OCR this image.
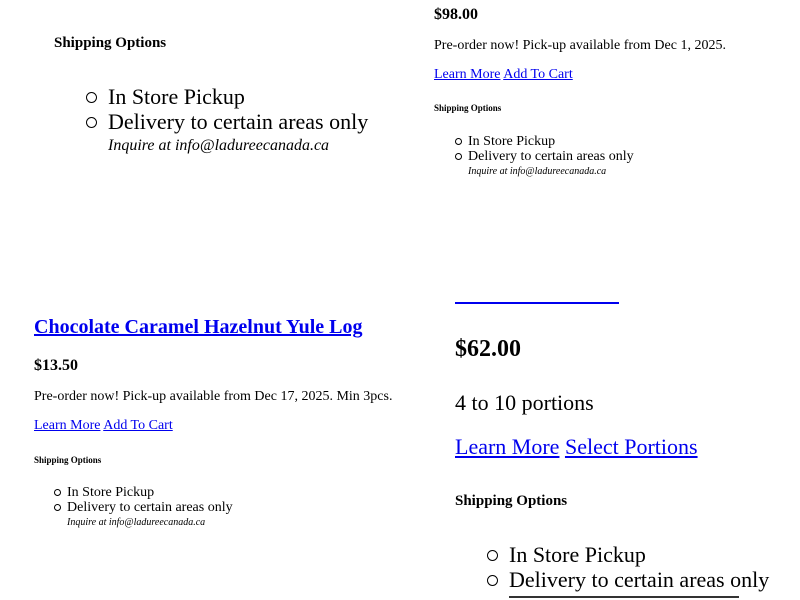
Shipping Options
In Store Pickup
Delivery to certain areas only
Inquire at info@ladureecanada.ca
$98.00
Pre-order now! Pick-up available from Dec 1, 2025.
Learn More Add To Cart
Shipping Options
In Store Pickup
Delivery to certain areas only
Inquire at info@ladureecanada.ca
Chocolate Caramel Hazelnut Yule Log
$13.50
Pre-order now! Pick-up available from Dec 17, 2025. Min 3pcs.
Learn More Add To Cart
Shipping Options
In Store Pickup
Delivery to certain areas only
Inquire at info@ladureecanada.ca
$62.00
4 to 10 portions
Learn More Select Portions
Shipping Options
In Store Pickup
Delivery to certain areas only
